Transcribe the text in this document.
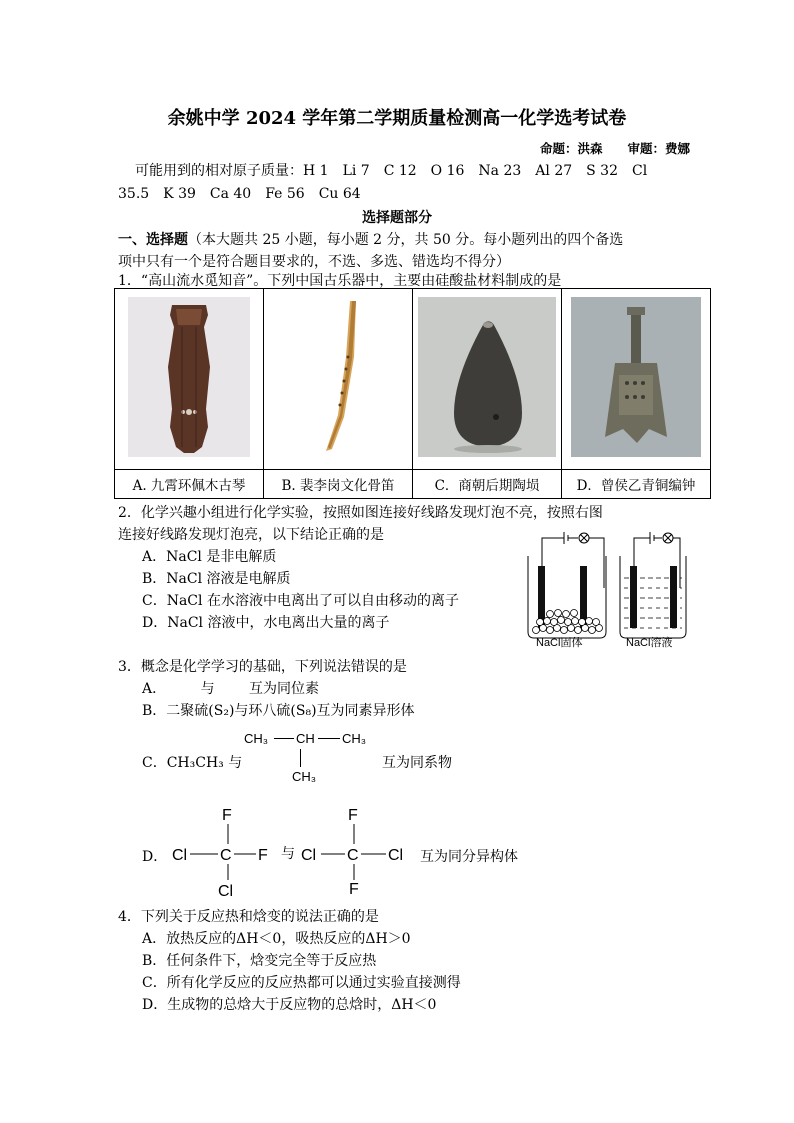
余姚中学 2024 学年第二学期质量检测高一化学选考试卷
命题：洪森　　审题：费娜
可能用到的相对原子质量：H 1　Li 7　C 12　O 16　Na 23　Al 27　S 32　Cl
35.5　K 39　Ca 40　Fe 56　Cu 64
选择题部分
一、选择题（本大题共 25 小题，每小题 2 分，共 50 分。每小题列出的四个备选
项中只有一个是符合题目要求的，不选、多选、错选均不得分）
1．“高山流水觅知音”。下列中国古乐器中，主要由硅酸盐材料制成的是

A. 九霄环佩木古琴	B. 裴李岗文化骨笛	C．商朝后期陶埙	D．曾侯乙青铜编钟
2．化学兴趣小组进行化学实验，按照如图连接好线路发现灯泡不亮，按照右图
连接好线路发现灯泡亮，以下结论正确的是
A．NaCl 是非电解质
B．NaCl 溶液是电解质
C．NaCl 在水溶液中电离出了可以自由移动的离子
D．NaCl 溶液中，水电离出大量的离子
NaCl固体	NaCl溶液
3．概念是化学学习的基础，下列说法错误的是
A． 与 互为同位素
B．二聚硫(S₂)与环八硫(S₈)互为同素异形体
C．CH₃CH₃ 与
CH₃ CH CH₃
CH₃
互为同系物
D．
F
Cl C F
Cl
与 Cl
F
C Cl
F
互为同分异构体
4．下列关于反应热和焓变的说法正确的是
A．放热反应的ΔH＜0，吸热反应的ΔH＞0
B．任何条件下，焓变完全等于反应热
C．所有化学反应的反应热都可以通过实验直接测得
D．生成物的总焓大于反应物的总焓时，ΔH＜0
